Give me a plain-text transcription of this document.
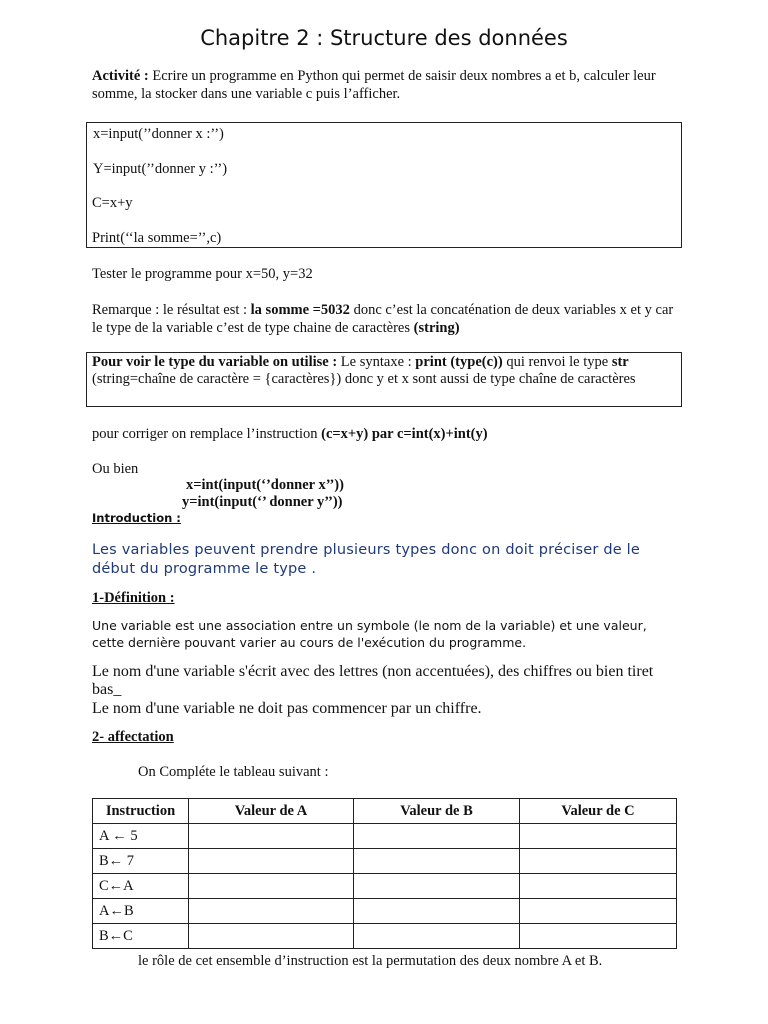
Chapitre 2 : Structure des données
Activité : Ecrire un programme en Python qui permet de saisir deux nombres a et b, calculer leur somme, la stocker dans une variable c puis l’afficher.
x=input(’’donner x :’’)
Y=input(’’donner y :’’)
C=x+y
Print(‘‘la somme=’’,c)
Tester le programme pour x=50, y=32
Remarque : le résultat est : la somme =5032 donc c’est la concaténation de deux variables x et y car le type de la variable c’est de type chaine de caractères (string)
Pour voir le type du variable on utilise : Le syntaxe : print (type(c)) qui renvoi le type str (string=chaîne de caractère = {caractères}) donc y et x sont aussi de type chaîne de caractères
pour corriger on remplace l’instruction (c=x+y) par c=int(x)+int(y)
Ou bien
x=int(input(‘’donner x’’))
y=int(input(‘’ donner y’’))
Introduction :
Les variables peuvent prendre plusieurs types donc on doit préciser de le début du programme le type .
1-Définition :
Une variable est une association entre un symbole (le nom de la variable) et une valeur,
cette dernière pouvant varier au cours de l'exécution du programme.
Le nom d'une variable s'écrit avec des lettres (non accentuées), des chiffres ou bien tiret bas_
Le nom d'une variable ne doit pas commencer par un chiffre.
2- affectation
On Compléte le tableau suivant :
Instruction	Valeur de A	Valeur de B	Valeur de C
A ← 5			
B← 7			
C←A			
A←B			
B←C			
le rôle de cet ensemble d’instruction est la permutation des deux nombre A et B.
